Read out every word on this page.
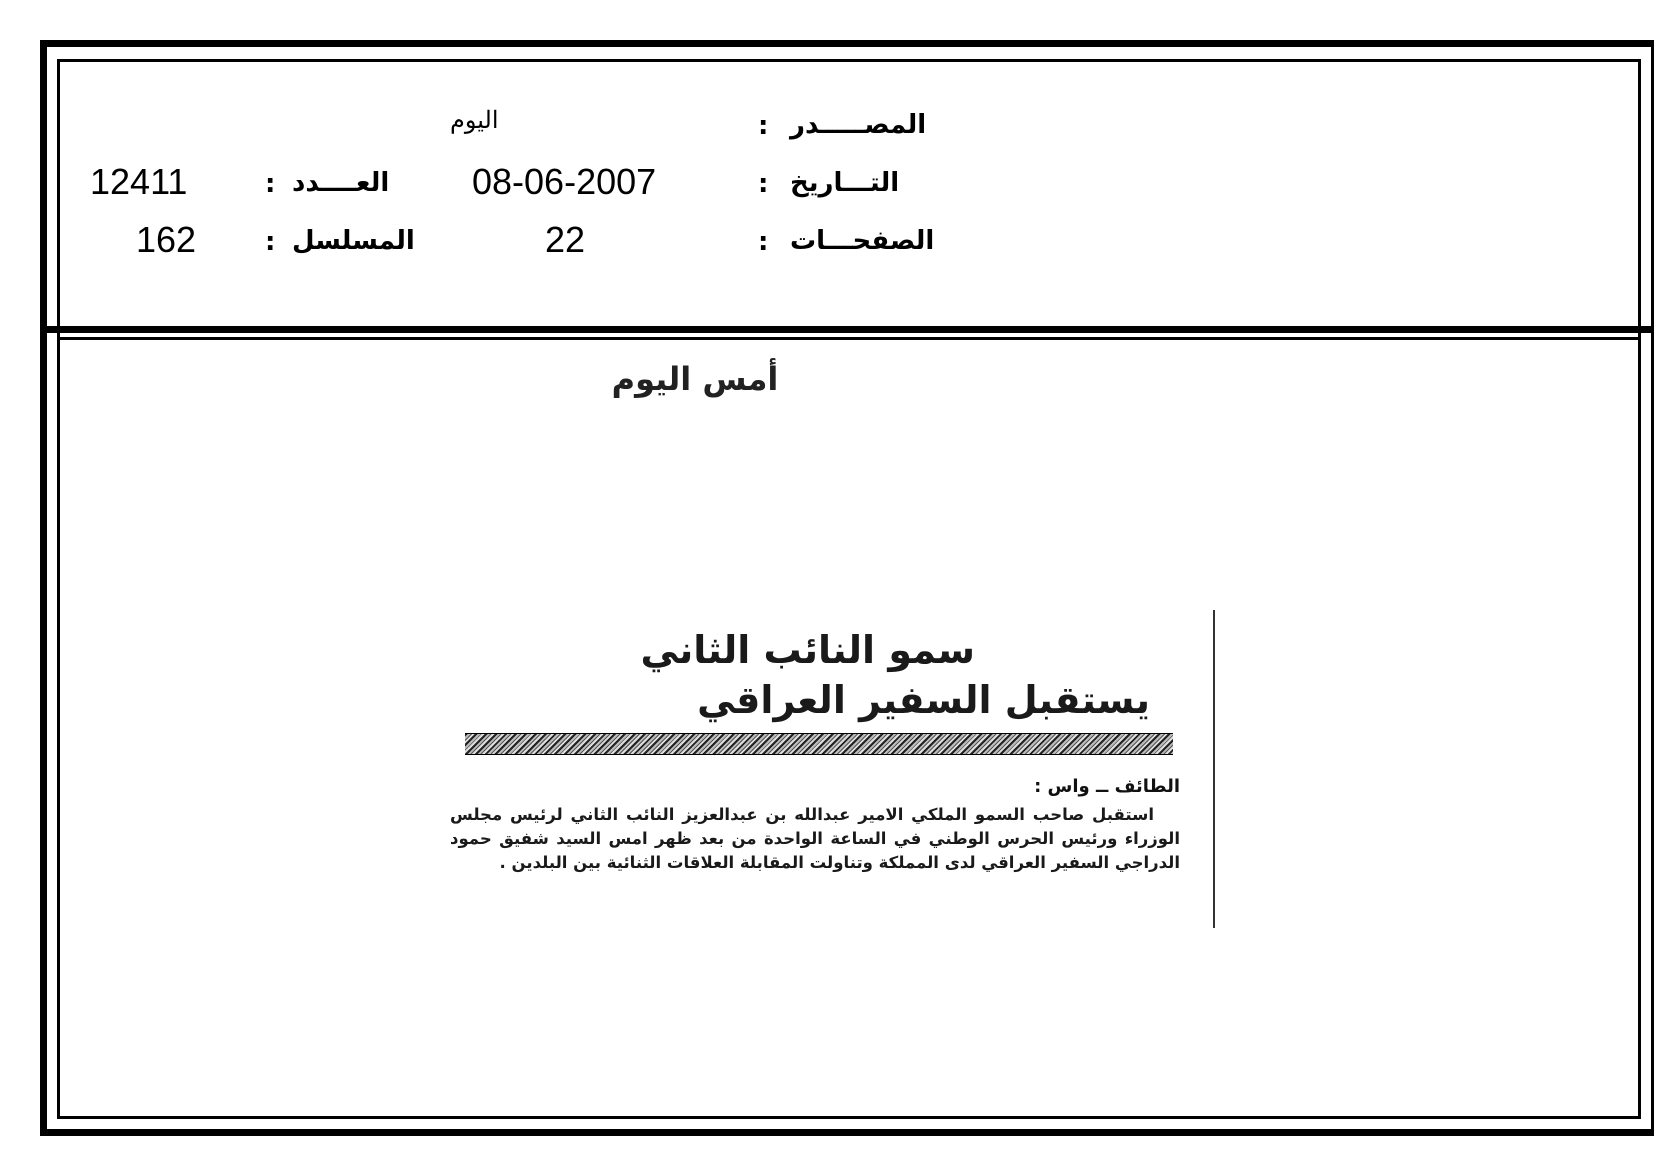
المصـــــدر
:
اليوم
التـــاريخ
:
08-06-2007
العــــدد
:
12411
الصفحـــات
:
22
المسلسل
:
162
أمس اليوم
سمو النائب الثاني
يستقبل السفير العراقي
الطائف ــ واس :
استقبل صاحب السمو الملكي الامير عبدالله بن عبدالعزيز النائب الثاني لرئيس مجلس الوزراء ورئيس الحرس الوطني في الساعة الواحدة من بعد ظهر امس السيد شفيق حمود الدراجي السفير العراقي لدى المملكة وتناولت المقابلة العلاقات الثنائية بين البلدين .
